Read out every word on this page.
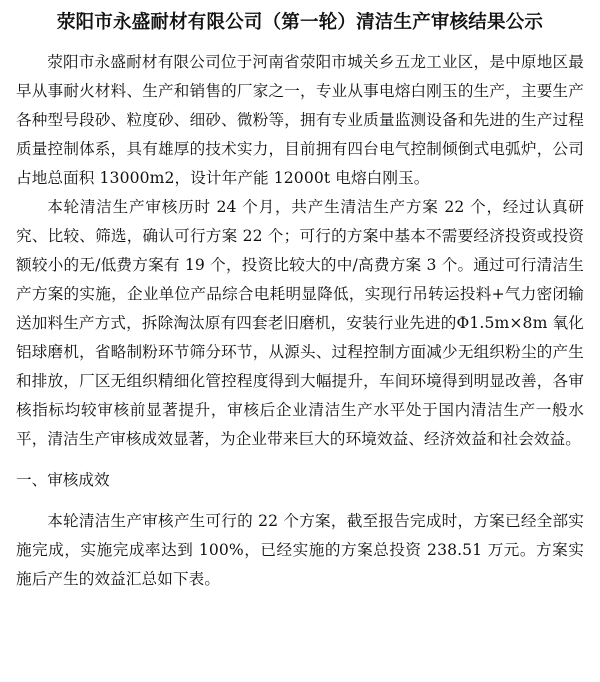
荥阳市永盛耐材有限公司（第一轮）清洁生产审核结果公示

荥阳市永盛耐材有限公司位于河南省荥阳市城关乡五龙工业区，是中原地区最早从事耐火材料、生产和销售的厂家之一，专业从事电熔白刚玉的生产，主要生产各种型号段砂、粒度砂、细砂、微粉等，拥有专业质量监测设备和先进的生产过程质量控制体系，具有雄厚的技术实力，目前拥有四台电气控制倾倒式电弧炉，公司占地总面积 13000m2，设计年产能 12000t 电熔白刚玉。

本轮清洁生产审核历时 24 个月，共产生清洁生产方案 22 个，经过认真研究、比较、筛选，确认可行方案 22 个；可行的方案中基本不需要经济投资或投资额较小的无/低费方案有 19 个，投资比较大的中/高费方案 3 个。通过可行清洁生产方案的实施，企业单位产品综合电耗明显降低，实现行吊转运投料+气力密闭输送加料生产方式，拆除淘汰原有四套老旧磨机，安装行业先进的Φ1.5m×8m 氧化铝球磨机，省略制粉环节筛分环节，从源头、过程控制方面减少无组织粉尘的产生和排放，厂区无组织精细化管控程度得到大幅提升，车间环境得到明显改善，各审核指标均较审核前显著提升，审核后企业清洁生产水平处于国内清洁生产一般水平，清洁生产审核成效显著，为企业带来巨大的环境效益、经济效益和社会效益。

一、审核成效

本轮清洁生产审核产生可行的 22 个方案，截至报告完成时，方案已经全部实施完成，实施完成率达到 100%，已经实施的方案总投资 238.51 万元。方案实施后产生的效益汇总如下表。
